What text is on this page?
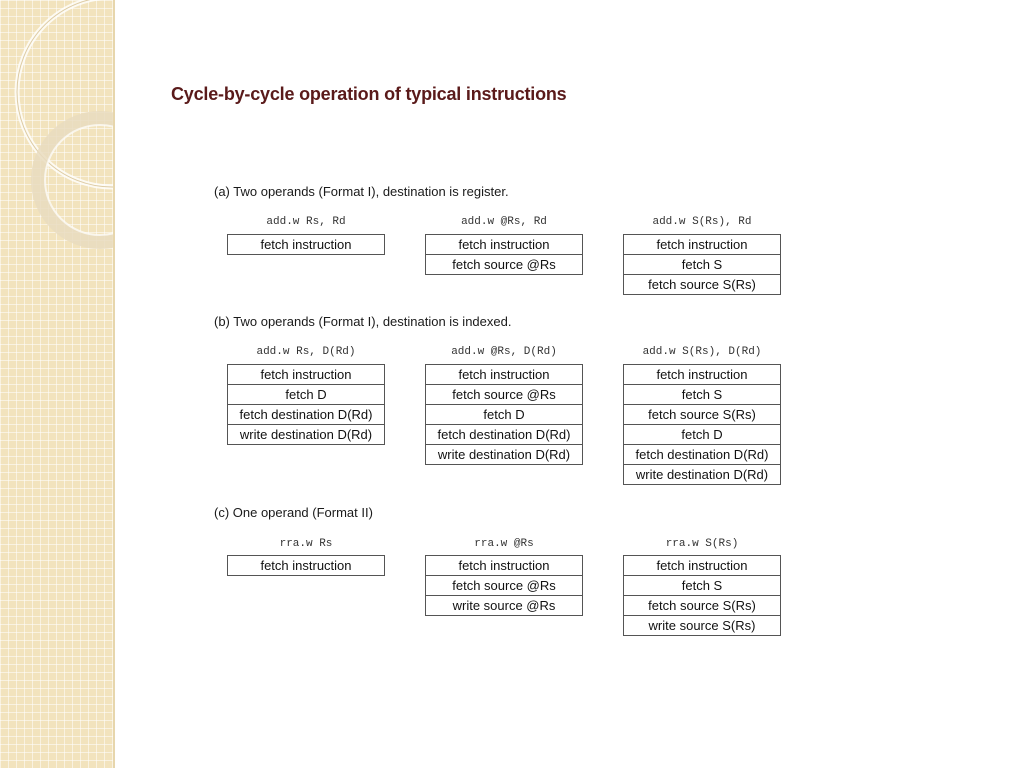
Cycle-by-cycle operation of typical instructions
(a) Two operands (Format I), destination is register.
add.w Rs, Rd
fetch instruction
add.w @Rs, Rd
fetch instruction
fetch source @Rs
add.w S(Rs), Rd
fetch instruction
fetch S
fetch source S(Rs)
(b) Two operands (Format I), destination is indexed.
add.w Rs, D(Rd)
fetch instruction
fetch D
fetch destination D(Rd)
write destination D(Rd)
add.w @Rs, D(Rd)
fetch instruction
fetch source @Rs
fetch D
fetch destination D(Rd)
write destination D(Rd)
add.w S(Rs), D(Rd)
fetch instruction
fetch S
fetch source S(Rs)
fetch D
fetch destination D(Rd)
write destination D(Rd)
(c) One operand (Format II)
rra.w Rs
fetch instruction
rra.w @Rs
fetch instruction
fetch source @Rs
write source @Rs
rra.w S(Rs)
fetch instruction
fetch S
fetch source S(Rs)
write source S(Rs)
